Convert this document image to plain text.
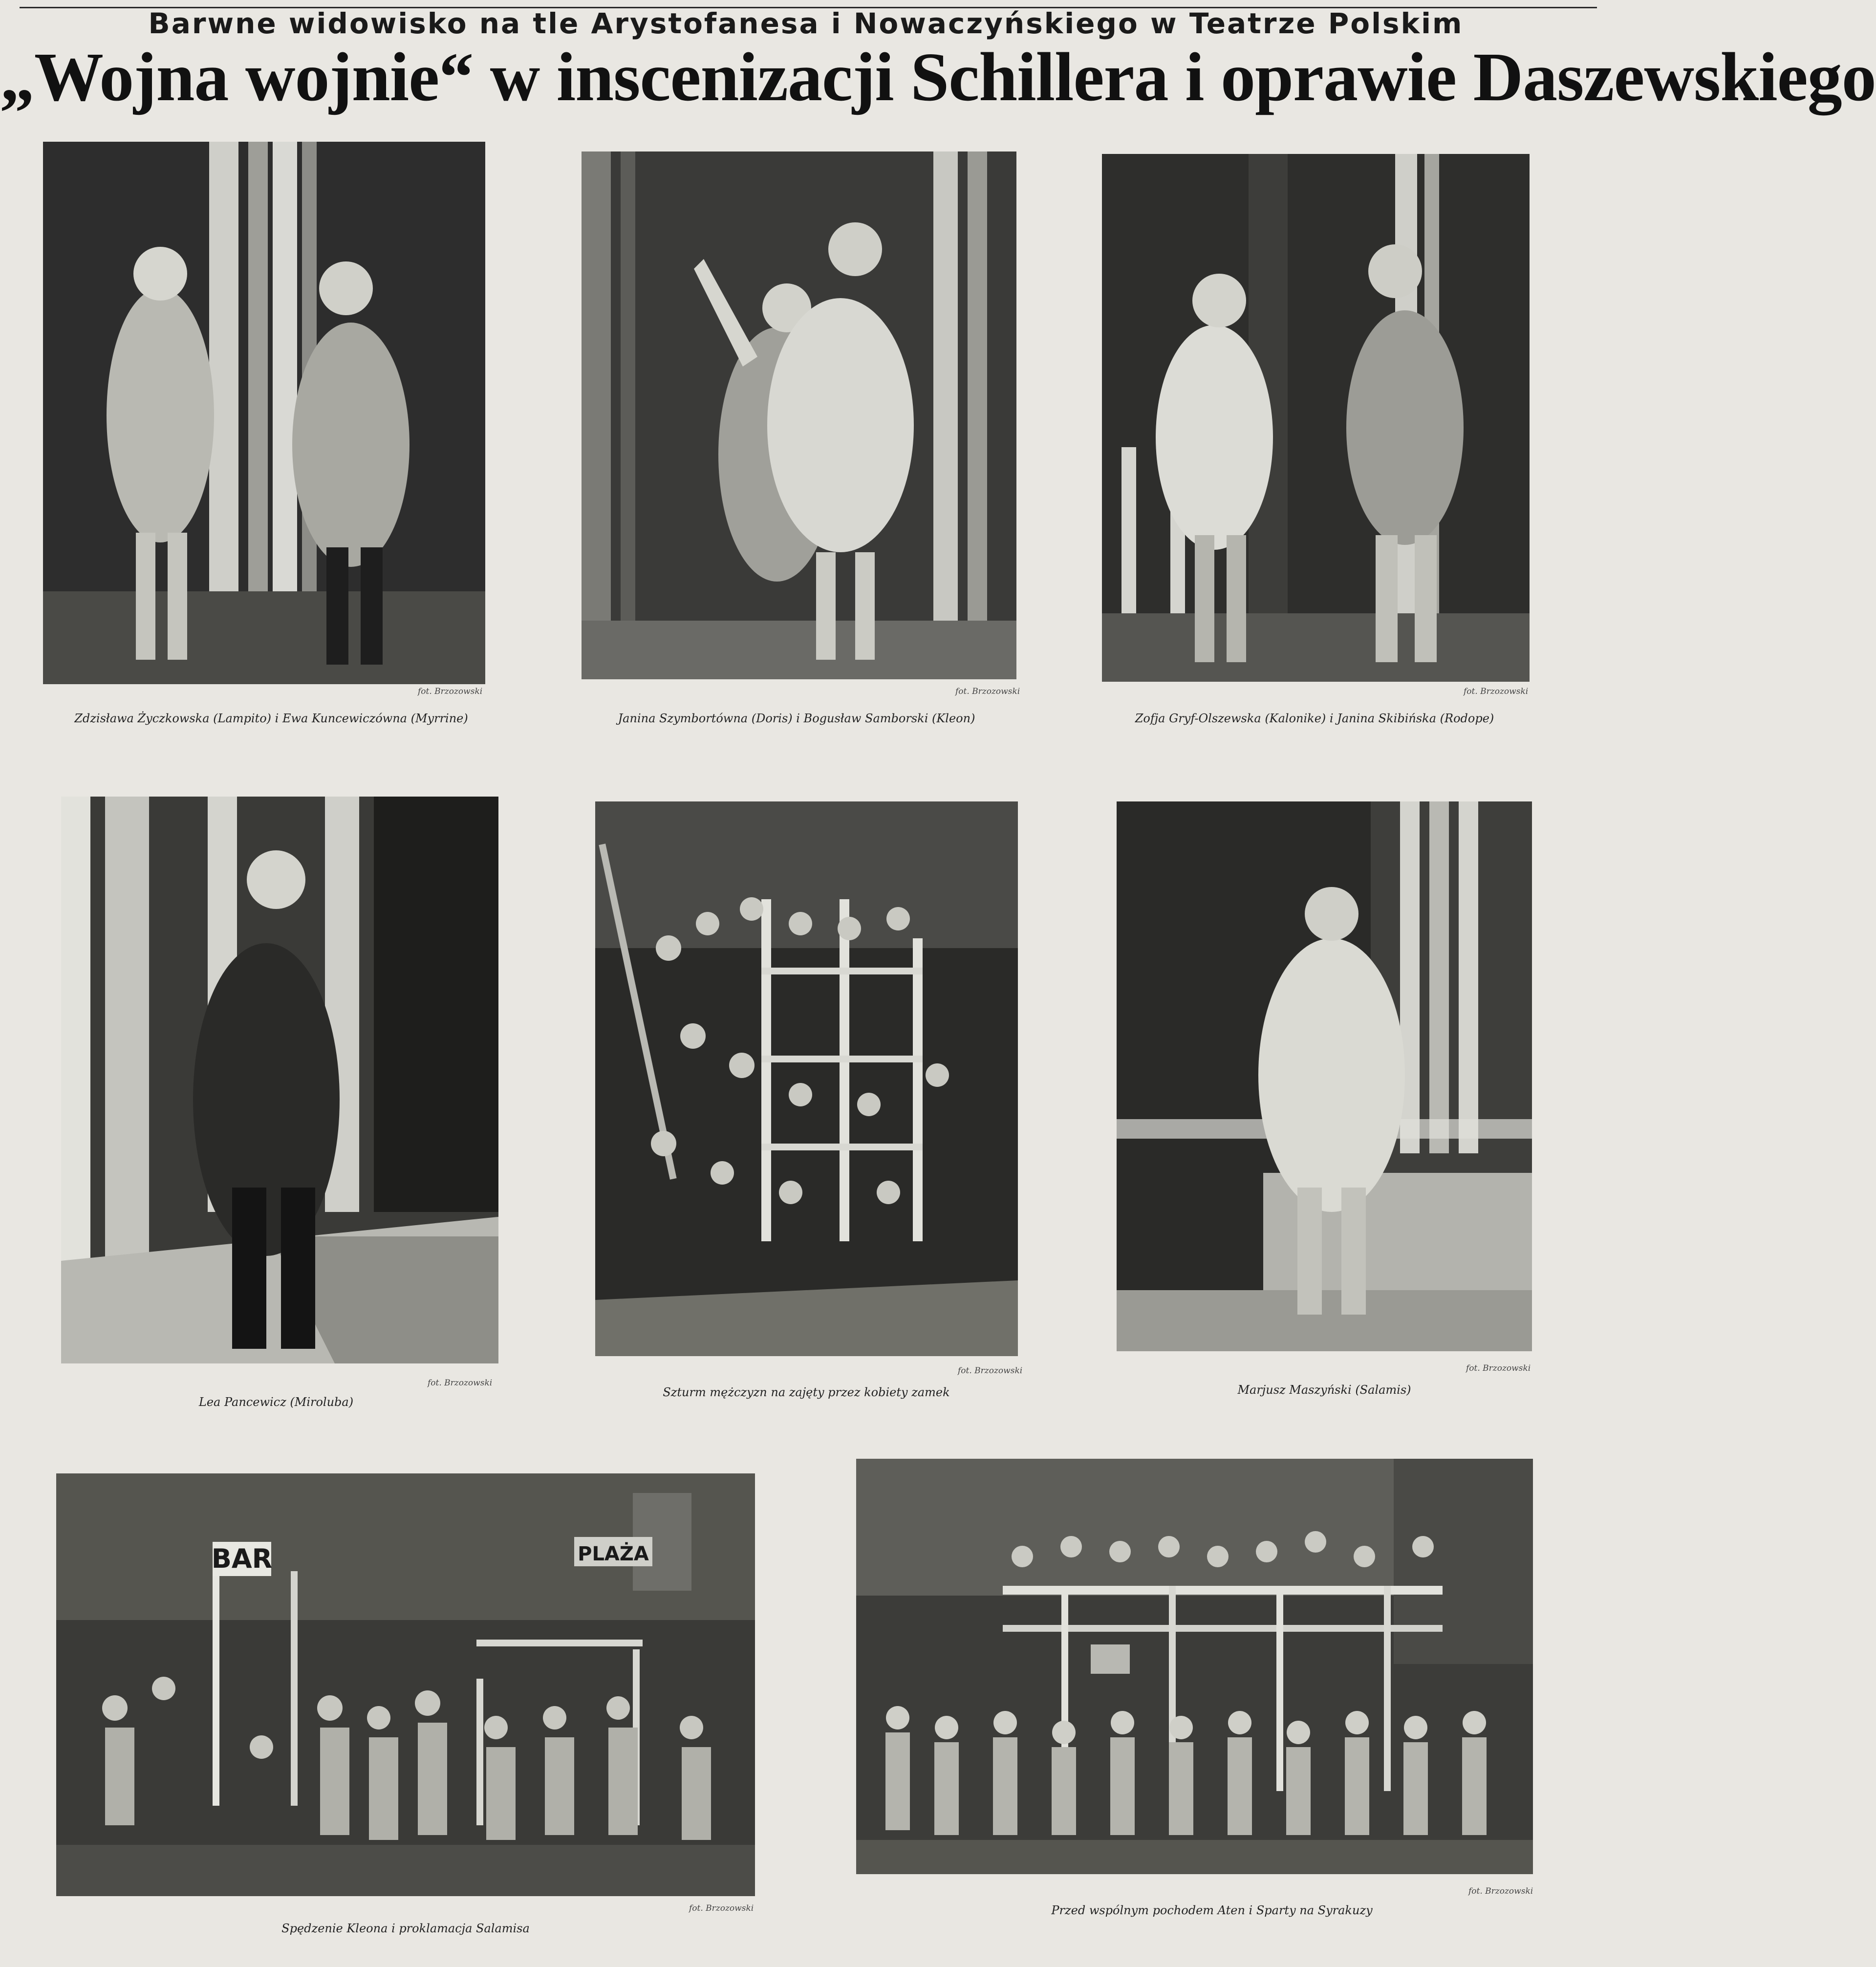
Barwne widowisko na tle Arystofanesa i Nowaczyńskiego w Teatrze Polskim
„Wojna wojnie“ w inscenizacji Schillera i oprawie Daszewskiego
fot. Brzozowski
Zdzisława Życzkowska (Lampito) i Ewa Kuncewiczówna (Myrrine)
fot. Brzozowski
Janina Szymbortówna (Doris) i Bogusław Samborski (Kleon)
fot. Brzozowski
Zofja Gryf-Olszewska (Kalonike) i Janina Skibińska (Rodope)
fot. Brzozowski
Lea Pancewicz (Miroluba)
fot. Brzozowski
Szturm mężczyzn na zajęty przez kobiety zamek
fot. Brzozowski
Marjusz Maszyński (Salamis)
BAR	PLAŻA
fot. Brzozowski
Spędzenie Kleona i proklamacja Salamisa
fot. Brzozowski
Przed wspólnym pochodem Aten i Sparty na Syrakuzy
